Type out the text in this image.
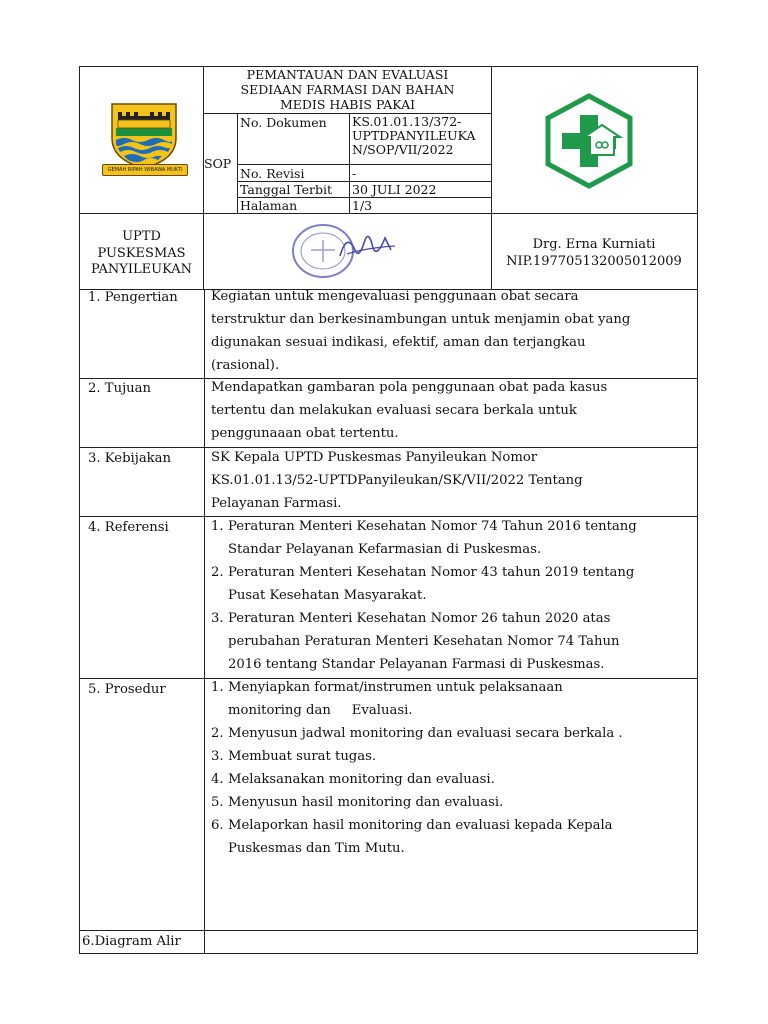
GEMAH RIPAH WIBAWA MUKTI
PEMANTAUAN DAN EVALUASI
SEDIAAN FARMASI DAN BAHAN
MEDIS HABIS PAKAI
SOP
No. Dokumen KS.01.01.13/372-
UPTDPANYILEUKA
N/SOP/VII/2022
No. Revisi	-
Tanggal Terbit 30 JULI 2022
Halaman	1/3
UPTD
PUSKESMAS
PANYILEUKAN
Drg. Erna Kurniati
NIP.197705132005012009
1. Pengertian	Kegiatan untuk mengevaluasi penggunaan obat secara
terstruktur dan berkesinambungan untuk menjamin obat yang
digunakan sesuai indikasi, efektif, aman dan terjangkau
(rasional).
2. Tujuan	Mendapatkan gambaran pola penggunaan obat pada kasus
tertentu dan melakukan evaluasi secara berkala untuk
penggunaaan obat tertentu.
3. Kebijakan	SK Kepala UPTD Puskesmas Panyileukan Nomor
KS.01.01.13/52-UPTDPanyileukan/SK/VII/2022 Tentang
Pelayanan Farmasi.
4. Referensi	1. Peraturan Menteri Kesehatan Nomor 74 Tahun 2016 tentang
Standar Pelayanan Kefarmasian di Puskesmas.
2. Peraturan Menteri Kesehatan Nomor 43 tahun 2019 tentang
Pusat Kesehatan Masyarakat.
3. Peraturan Menteri Kesehatan Nomor 26 tahun 2020 atas
perubahan Peraturan Menteri Kesehatan Nomor 74 Tahun
2016 tentang Standar Pelayanan Farmasi di Puskesmas.
5. Prosedur	1. Menyiapkan format/instrumen untuk pelaksanaan
monitoring dan     Evaluasi.
2. Menyusun jadwal monitoring dan evaluasi secara berkala .
3. Membuat surat tugas.
4. Melaksanakan monitoring dan evaluasi.
5. Menyusun hasil monitoring dan evaluasi.
6. Melaporkan hasil monitoring dan evaluasi kepada Kepala
Puskesmas dan Tim Mutu.
6.Diagram Alir
